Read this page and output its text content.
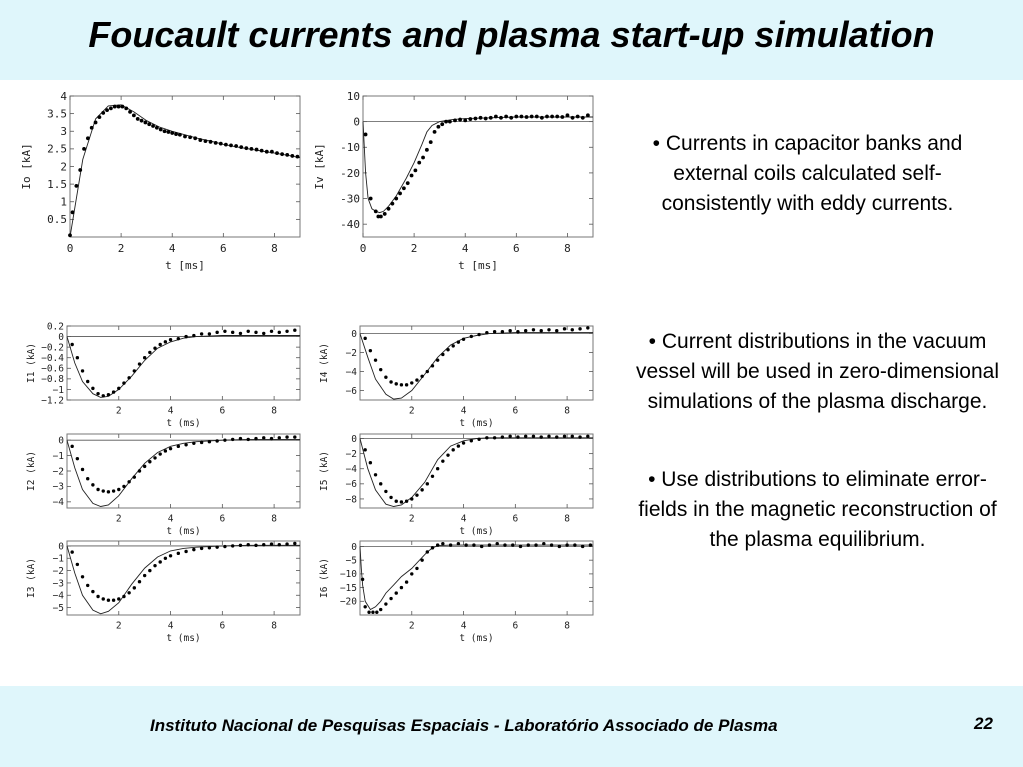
Foucault currents and plasma start-up simulation
0	2	4	6	8
0.5
1
1.5
2
2.5
3
3.5
4
t [ms]
Io [kA]
0	2	4	6	8
10
0
-10
-20
-30
-40
t [ms]
Iv [kA]
2	4	6	8
0.2
0
−0.2
−0.4
−0.6
−0.8
−1
−1.2
t (ms)
I1 (kA)
2	4	6	8
0
−2
−4
−6
t (ms)
I4 (kA)
2	4	6	8
0
−1
−2
−3
−4
t (ms)
I2 (kA)
2	4	6	8
0
−2
−4
−6
−8
t (ms)
I5 (kA)
2	4	6	8
0
−1
−2
−3
−4
−5
t (ms)
I3 (kA)
2	4	6	8
0
−5
−10
−15
−20
t (ms)
I6 (kA)
• Currents in capacitor banks and external coils calculated self-consistently with eddy currents.
• Current distributions in the vacuum vessel will be used in zero-dimensional simulations of the plasma discharge.
• Use distributions to eliminate error-fields in the magnetic reconstruction of the plasma equilibrium.
Instituto Nacional de Pesquisas Espaciais - Laboratório Associado de Plasma	22
